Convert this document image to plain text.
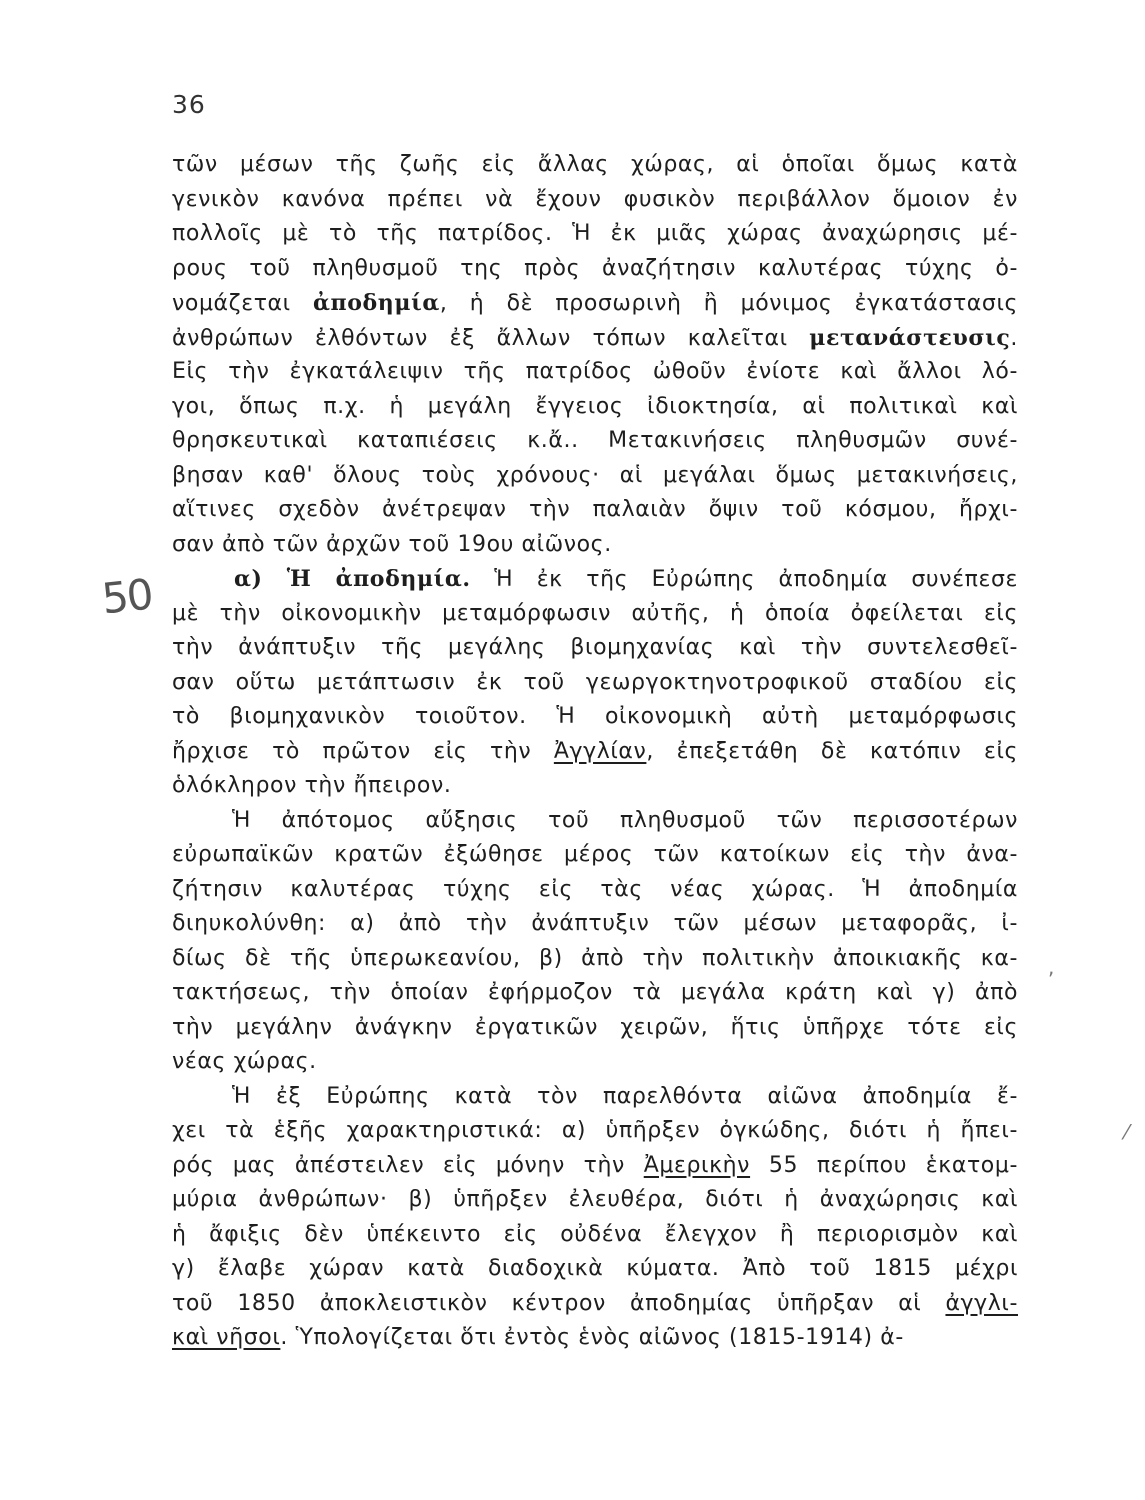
36
50
,
⁄
τῶν μέσων τῆς ζωῆς εἰς ἄλλας χώρας, αἱ ὁποῖαι ὅμως κατὰ
γενικὸν κανόνα πρέπει νὰ ἔχουν φυσικὸν περιβάλλον ὅμοιον ἐν
πολλοῖς μὲ τὸ τῆς πατρίδος. Ἡ ἐκ μιᾶς χώρας ἀναχώρησις μέ-
ρους τοῦ πληθυσμοῦ της πρὸς ἀναζήτησιν καλυτέρας τύχης ὀ-
νομάζεται ἀποδημία, ἡ δὲ προσωρινὴ ἢ μόνιμος ἐγκατάστασις
ἀνθρώπων ἐλθόντων ἐξ ἄλλων τόπων καλεῖται μετανάστευσις.
Εἰς τὴν ἐγκατάλειψιν τῆς πατρίδος ὠθοῦν ἐνίοτε καὶ ἄλλοι λό-
γοι, ὅπως π.χ. ἡ μεγάλη ἔγγειος ἰδιοκτησία, αἱ πολιτικαὶ καὶ
θρησκευτικαὶ καταπιέσεις κ.ἄ.. Μετακινήσεις πληθυσμῶν συνέ-
βησαν καθ' ὅλους τοὺς χρόνους· αἱ μεγάλαι ὅμως μετακινήσεις,
αἵτινες σχεδὸν ἀνέτρεψαν τὴν παλαιὰν ὄψιν τοῦ κόσμου, ἤρχι-
σαν ἀπὸ τῶν ἀρχῶν τοῦ 19ου αἰῶνος.
α) Ἡ ἀποδημία. Ἡ ἐκ τῆς Εὐρώπης ἀποδημία συνέπεσε
μὲ τὴν οἰκονομικὴν μεταμόρφωσιν αὐτῆς, ἡ ὁποία ὀφείλεται εἰς
τὴν ἀνάπτυξιν τῆς μεγάλης βιομηχανίας καὶ τὴν συντελεσθεῖ-
σαν οὕτω μετάπτωσιν ἐκ τοῦ γεωργοκτηνοτροφικοῦ σταδίου εἰς
τὸ βιομηχανικὸν τοιοῦτον. Ἡ οἰκονομικὴ αὐτὴ μεταμόρφωσις
ἤρχισε τὸ πρῶτον εἰς τὴν Ἀγγλίαν, ἐπεξετάθη δὲ κατόπιν εἰς
ὁλόκληρον τὴν ἤπειρον.
Ἡ ἀπότομος αὔξησις τοῦ πληθυσμοῦ τῶν περισσοτέρων
εὐρωπαϊκῶν κρατῶν ἐξώθησε μέρος τῶν κατοίκων εἰς τὴν ἀνα-
ζήτησιν καλυτέρας τύχης εἰς τὰς νέας χώρας. Ἡ ἀποδημία
διηυκολύνθη: α) ἀπὸ τὴν ἀνάπτυξιν τῶν μέσων μεταφορᾶς, ἰ-
δίως δὲ τῆς ὑπερωκεανίου, β) ἀπὸ τὴν πολιτικὴν ἀποικιακῆς κα-
τακτήσεως, τὴν ὁποίαν ἐφήρμοζον τὰ μεγάλα κράτη καὶ γ) ἀπὸ
τὴν μεγάλην ἀνάγκην ἐργατικῶν χειρῶν, ἥτις ὑπῆρχε τότε εἰς
νέας χώρας.
Ἡ ἐξ Εὐρώπης κατὰ τὸν παρελθόντα αἰῶνα ἀποδημία ἔ-
χει τὰ ἑξῆς χαρακτηριστικά: α) ὑπῆρξεν ὀγκώδης, διότι ἡ ἤπει-
ρός μας ἀπέστειλεν εἰς μόνην τὴν Ἀμερικὴν 55 περίπου ἑκατομ-
μύρια ἀνθρώπων· β) ὑπῆρξεν ἐλευθέρα, διότι ἡ ἀναχώρησις καὶ
ἡ ἄφιξις δὲν ὑπέκειντο εἰς οὐδένα ἔλεγχον ἢ περιορισμὸν καὶ
γ) ἔλαβε χώραν κατὰ διαδοχικὰ κύματα. Ἀπὸ τοῦ 1815 μέχρι
τοῦ 1850 ἀποκλειστικὸν κέντρον ἀποδημίας ὑπῆρξαν αἱ ἀγγλι-
καὶ νῆσοι. Ὑπολογίζεται ὅτι ἐντὸς ἑνὸς αἰῶνος (1815-1914) ἀ-
